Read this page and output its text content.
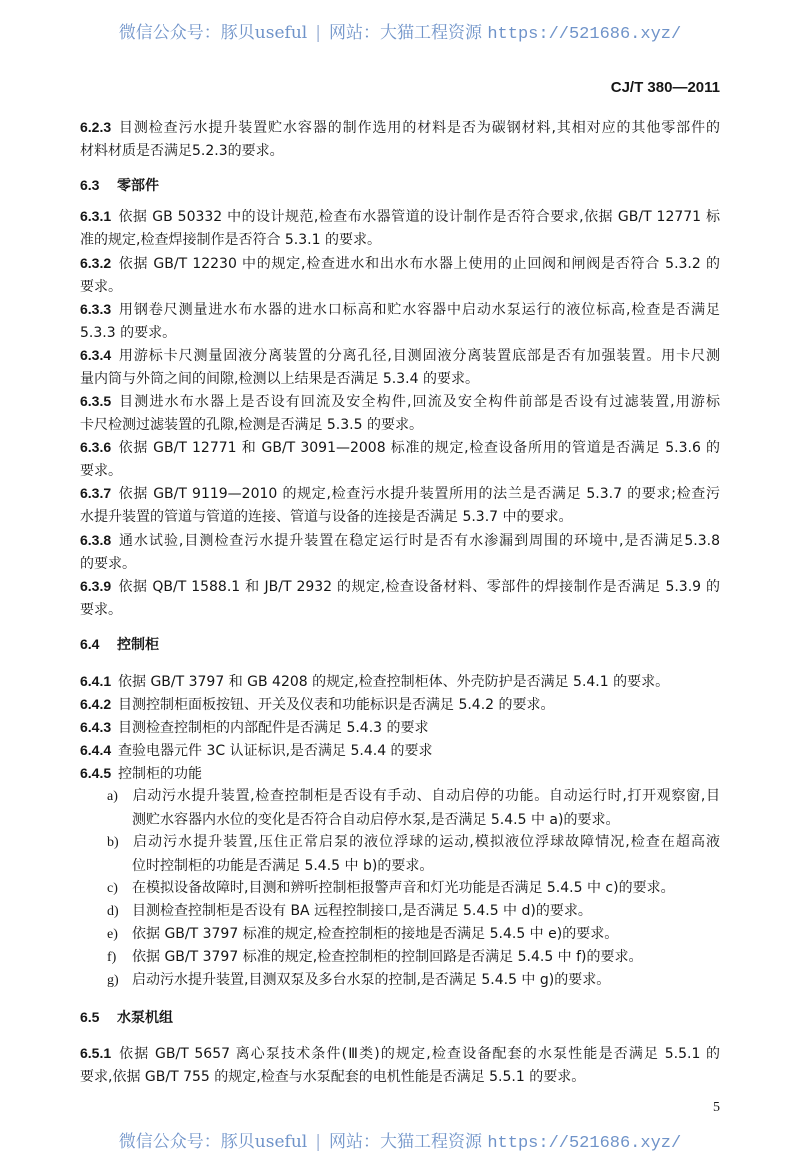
微信公众号：豚贝useful | 网站：大猫工程资源 https://521686.xyz/
CJ/T 380—2011
6.2.3 目测检查污水提升装置贮水容器的制作选用的材料是否为碳钢材料,其相对应的其他零部件的
材料材质是否满足5.2.3的要求。
6.3 零部件
6.3.1 依据 GB 50332 中的设计规范,检查布水器管道的设计制作是否符合要求,依据 GB/T 12771 标
准的规定,检查焊接制作是否符合 5.3.1 的要求。
6.3.2 依据 GB/T 12230 中的规定,检查进水和出水布水器上使用的止回阀和闸阀是否符合 5.3.2 的
要求。
6.3.3 用钢卷尺测量进水布水器的进水口标高和贮水容器中启动水泵运行的液位标高,检查是否满足
5.3.3 的要求。
6.3.4 用游标卡尺测量固液分离装置的分离孔径,目测固液分离装置底部是否有加强装置。用卡尺测
量内筒与外筒之间的间隙,检测以上结果是否满足 5.3.4 的要求。
6.3.5 目测进水布水器上是否设有回流及安全构件,回流及安全构件前部是否设有过滤装置,用游标
卡尺检测过滤装置的孔隙,检测是否满足 5.3.5 的要求。
6.3.6 依据 GB/T 12771 和 GB/T 3091—2008 标准的规定,检查设备所用的管道是否满足 5.3.6 的
要求。
6.3.7 依据 GB/T 9119—2010 的规定,检查污水提升装置所用的法兰是否满足 5.3.7 的要求;检查污
水提升装置的管道与管道的连接、管道与设备的连接是否满足 5.3.7 中的要求。
6.3.8 通水试验,目测检查污水提升装置在稳定运行时是否有水渗漏到周围的环境中,是否满足5.3.8
的要求。
6.3.9 依据 QB/T 1588.1 和 JB/T 2932 的规定,检查设备材料、零部件的焊接制作是否满足 5.3.9 的
要求。
6.4 控制柜
6.4.1 依据 GB/T 3797 和 GB 4208 的规定,检查控制柜体、外壳防护是否满足 5.4.1 的要求。
6.4.2 目测控制柜面板按钮、开关及仪表和功能标识是否满足 5.4.2 的要求。
6.4.3 目测检查控制柜的内部配件是否满足 5.4.3 的要求
6.4.4 查验电器元件 3C 认证标识,是否满足 5.4.4 的要求
6.4.5 控制柜的功能
a) 启动污水提升装置,检查控制柜是否设有手动、自动启停的功能。自动运行时,打开观察窗,目
测贮水容器内水位的变化是否符合自动启停水泵,是否满足 5.4.5 中 a)的要求。
b) 启动污水提升装置,压住正常启泵的液位浮球的运动,模拟液位浮球故障情况,检查在超高液
位时控制柜的功能是否满足 5.4.5 中 b)的要求。
c) 在模拟设备故障时,目测和辨听控制柜报警声音和灯光功能是否满足 5.4.5 中 c)的要求。
d) 目测检查控制柜是否设有 BA 远程控制接口,是否满足 5.4.5 中 d)的要求。
e) 依据 GB/T 3797 标准的规定,检查控制柜的接地是否满足 5.4.5 中 e)的要求。
f) 依据 GB/T 3797 标准的规定,检查控制柜的控制回路是否满足 5.4.5 中 f)的要求。
g) 启动污水提升装置,目测双泵及多台水泵的控制,是否满足 5.4.5 中 g)的要求。
6.5 水泵机组
6.5.1 依据 GB/T 5657 离心泵技术条件(Ⅲ类)的规定,检查设备配套的水泵性能是否满足 5.5.1 的
要求,依据 GB/T 755 的规定,检查与水泵配套的电机性能是否满足 5.5.1 的要求。
5
微信公众号：豚贝useful | 网站：大猫工程资源 https://521686.xyz/
